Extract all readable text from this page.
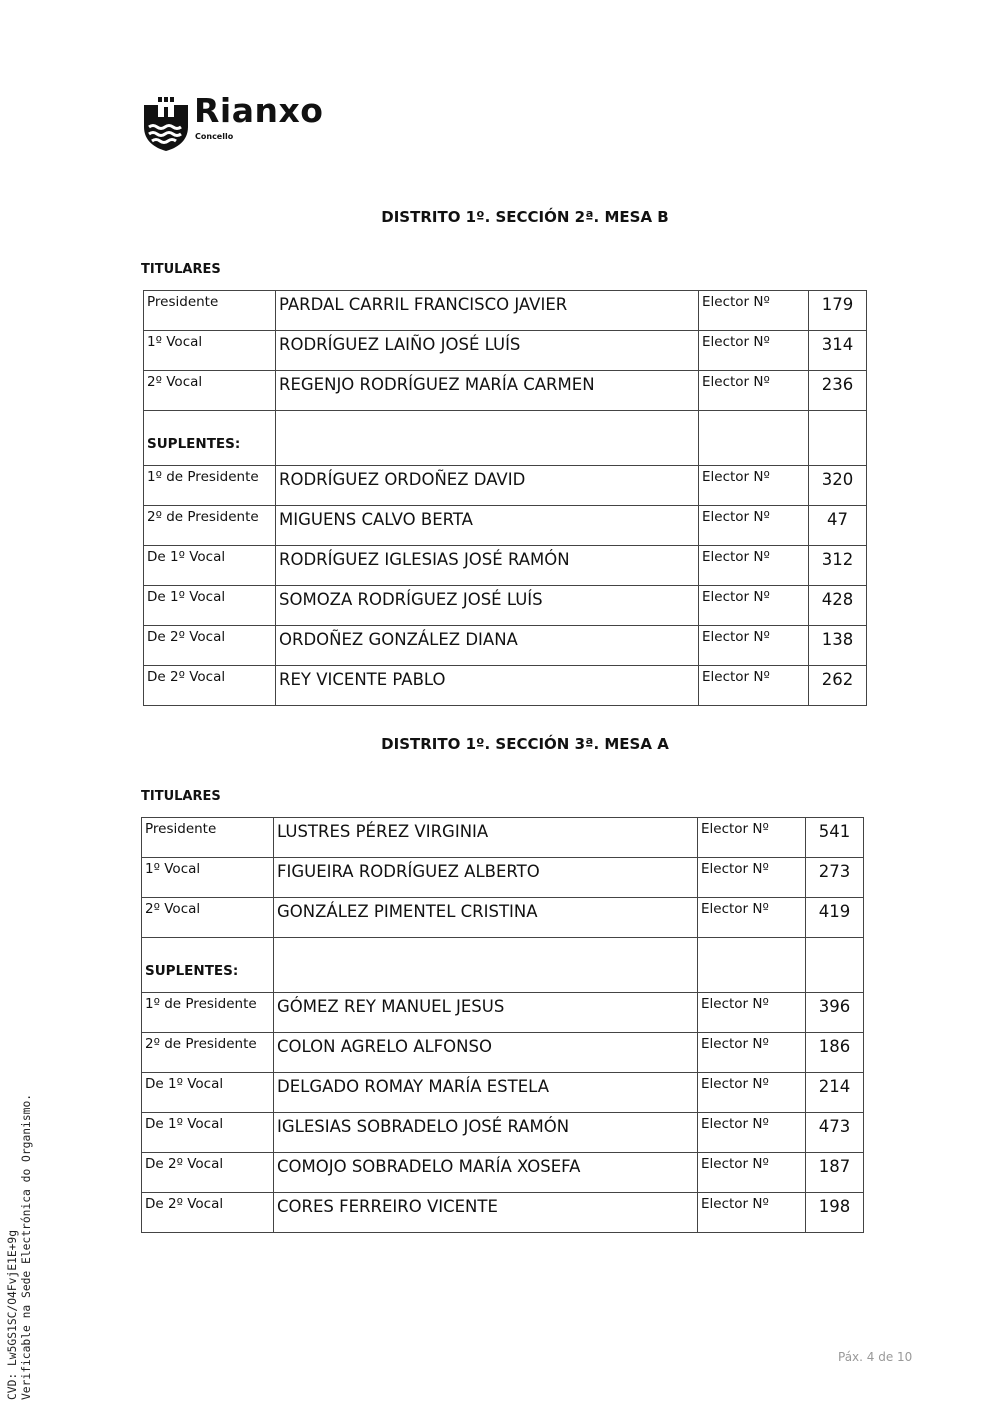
Rianxo
Concello
DISTRITO 1º. SECCIÓN 2ª. MESA B
TITULARES
Presidente	PARDAL CARRIL FRANCISCO JAVIER	Elector Nº	179
1º Vocal	RODRÍGUEZ LAIÑO JOSÉ LUÍS	Elector Nº	314
2º Vocal	REGENJO RODRÍGUEZ MARÍA CARMEN	Elector Nº	236
SUPLENTES:			
1º de Presidente	RODRÍGUEZ ORDOÑEZ DAVID	Elector Nº	320
2º de Presidente	MIGUENS CALVO BERTA	Elector Nº	47
De 1º Vocal	RODRÍGUEZ IGLESIAS JOSÉ RAMÓN	Elector Nº	312
De 1º Vocal	SOMOZA RODRÍGUEZ JOSÉ LUÍS	Elector Nº	428
De 2º Vocal	ORDOÑEZ GONZÁLEZ DIANA	Elector Nº	138
De 2º Vocal	REY VICENTE PABLO	Elector Nº	262
DISTRITO 1º. SECCIÓN 3ª. MESA A
TITULARES
Presidente	LUSTRES PÉREZ VIRGINIA	Elector Nº	541
1º Vocal	FIGUEIRA RODRÍGUEZ ALBERTO	Elector Nº	273
2º Vocal	GONZÁLEZ PIMENTEL CRISTINA	Elector Nº	419
SUPLENTES:			
1º de Presidente	GÓMEZ REY MANUEL JESUS	Elector Nº	396
2º de Presidente	COLON AGRELO ALFONSO	Elector Nº	186
De 1º Vocal	DELGADO ROMAY MARÍA ESTELA	Elector Nº	214
De 1º Vocal	IGLESIAS SOBRADELO JOSÉ RAMÓN	Elector Nº	473
De 2º Vocal	COMOJO SOBRADELO MARÍA XOSEFA	Elector Nº	187
De 2º Vocal	CORES FERREIRO VICENTE	Elector Nº	198
CVD: Lw5GS1SC/O4FvjE1E+9g Verificable na Sede Electrónica do Organismo.	Páx. 4 de 10
